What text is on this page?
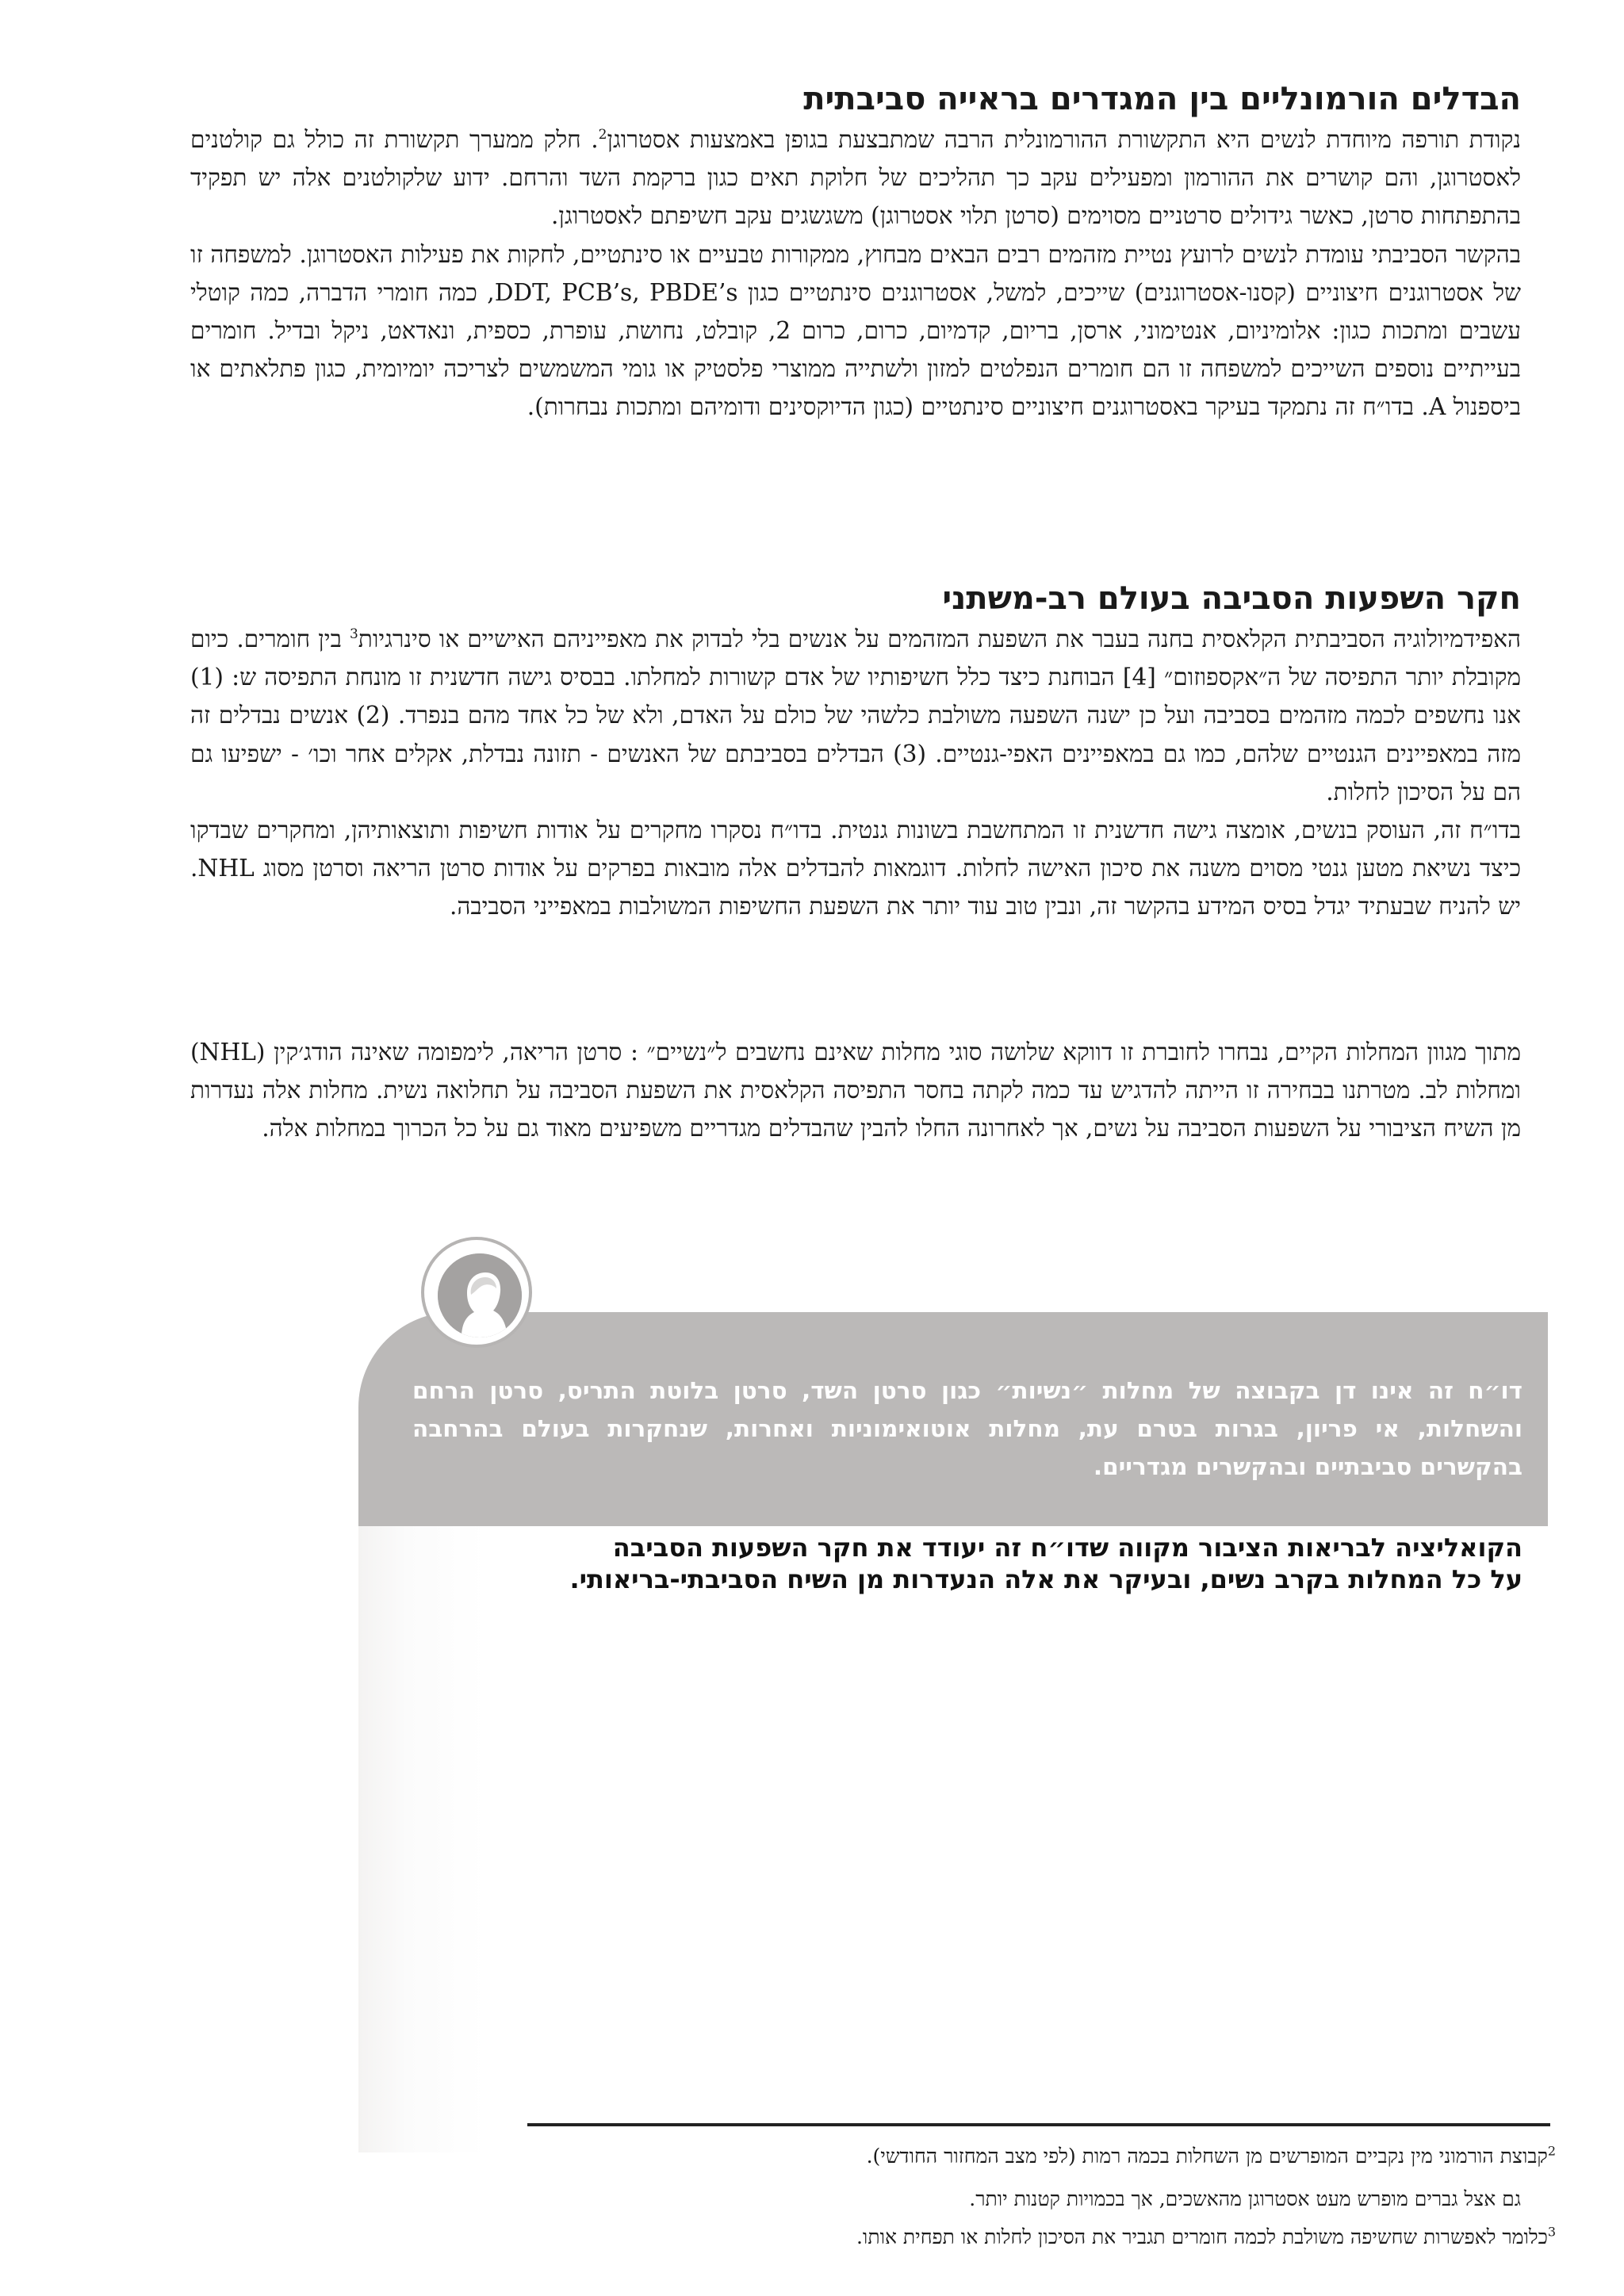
הבדלים הורמונליים בין המגדרים בראייה סביבתית

נקודת תורפה מיוחדת לנשים היא התקשורת ההורמונלית הרבה שמתבצעת בגופן באמצעות אסטרוגן$^2$. חלק ממערך תקשורת זה כולל גם קולטנים לאסטרוגן, והם קושרים את ההורמון ומפעילים עקב כך תהליכים של חלוקת תאים כגון ברקמת השד והרחם. ידוע שלקולטנים אלה יש תפקיד בהתפתחות סרטן, כאשר גידולים סרטניים מסוימים (סרטן תלוי אסטרוגן) משגשגים עקב חשיפתם לאסטרוגן.

בהקשר הסביבתי עומדת לנשים לרועץ נטיית מזהמים רבים הבאים מבחוץ, ממקורות טבעיים או סינתטיים, לחקות את פעילות האסטרוגן. למשפחה זו של אסטרוגנים חיצוניים (קסנו-אסטרוגנים) שייכים, למשל, אסטרוגנים סינתטיים כגון DDT, PCB’s, PBDE’s, כמה חומרי הדברה, כמה קוטלי עשבים ומתכות כגון: אלומיניום, אנטימוני, ארסן, בריום, קדמיום, כרום, כרום 2, קובלט, נחושת, עופרת, כספית, ונאדאט, ניקל ובדיל. חומרים בעייתיים נוספים השייכים למשפחה זו הם חומרים הנפלטים למזון ולשתייה ממוצרי פלסטיק או גומי המשמשים לצריכה יומיומית, כגון פתלאתים או ביספנול A. בדו״ח זה נתמקד בעיקר באסטרוגנים חיצוניים סינתטיים (כגון הדיוקסינים ודומיהם ומתכות נבחרות).

חקר השפעות הסביבה בעולם רב-משתני

האפידמיולוגיה הסביבתית הקלאסית בחנה בעבר את השפעת המזהמים על אנשים בלי לבדוק את מאפייניהם האישיים או סינרגיות$^3$ בין חומרים. כיום מקובלת יותר התפיסה של ה״אקספוזום״ [4] הבוחנת כיצד כלל חשיפותיו של אדם קשורות למחלתו. בבסיס גישה חדשנית זו מונחת התפיסה ש: (1) אנו נחשפים לכמה מזהמים בסביבה ועל כן ישנה השפעה משולבת כלשהי של כולם על האדם, ולא של כל אחד מהם בנפרד. (2) אנשים נבדלים זה מזה במאפיינים הגנטיים שלהם, כמו גם במאפיינים האפי-גנטיים. (3) הבדלים בסביבתם של האנשים - תזונה נבדלת, אקלים אחר וכו׳ - ישפיעו גם הם על הסיכון לחלות.

בדו״ח זה, העוסק בנשים, אומצה גישה חדשנית זו המתחשבת בשונות גנטית. בדו״ח נסקרו מחקרים על אודות חשיפות ותוצאותיהן, ומחקרים שבדקו כיצד נשיאת מטען גנטי מסוים משנה את סיכון האישה לחלות. דוגמאות להבדלים אלה מובאות בפרקים על אודות סרטן הריאה וסרטן מסוג NHL. יש להניח שבעתיד יגדל בסיס המידע בהקשר זה, ונבין טוב עוד יותר את השפעת החשיפות המשולבות במאפייני הסביבה.

מתוך מגוון המחלות הקיים, נבחרו לחוברת זו דווקא שלושה סוגי מחלות שאינם נחשבים ל״נשיים״ : סרטן הריאה, לימפומה שאינה הודג׳קין (NHL) ומחלות לב. מטרתנו בבחירה זו הייתה להדגיש עד כמה לקתה בחסר התפיסה הקלאסית את השפעת הסביבה על תחלואה נשית. מחלות אלה נעדרות מן השיח הציבורי על השפעות הסביבה על נשים, אך לאחרונה החלו להבין שהבדלים מגדריים משפיעים מאוד גם על כל הכרוך במחלות אלה.

דו״ח זה אינו דן בקבוצה של מחלות ״נשיות״ כגון סרטן השד, סרטן בלוטת התריס, סרטן הרחם והשחלות, אי פריון, בגרות בטרם עת, מחלות אוטואימוניות ואחרות, שנחקרות בעולם בהרחבה בהקשרים סביבתיים ובהקשרים מגדריים.

הקואליציה לבריאות הציבור מקווה שדו״ח זה יעודד את חקר השפעות הסביבה
על כל המחלות בקרב נשים, ובעיקר את אלה הנעדרות מן השיח הסביבתי-בריאותי.

$^2$קבוצת הורמוני מין נקביים המופרשים מן השחלות בכמה רמות (לפי מצב המחזור החודשי).

גם אצל גברים מופרש מעט אסטרוגן מהאשכים, אך בכמויות קטנות יותר.

$^3$כלומר לאפשרות שחשיפה משולבת לכמה חומרים תגביר את הסיכון לחלות או תפחית אותו.
